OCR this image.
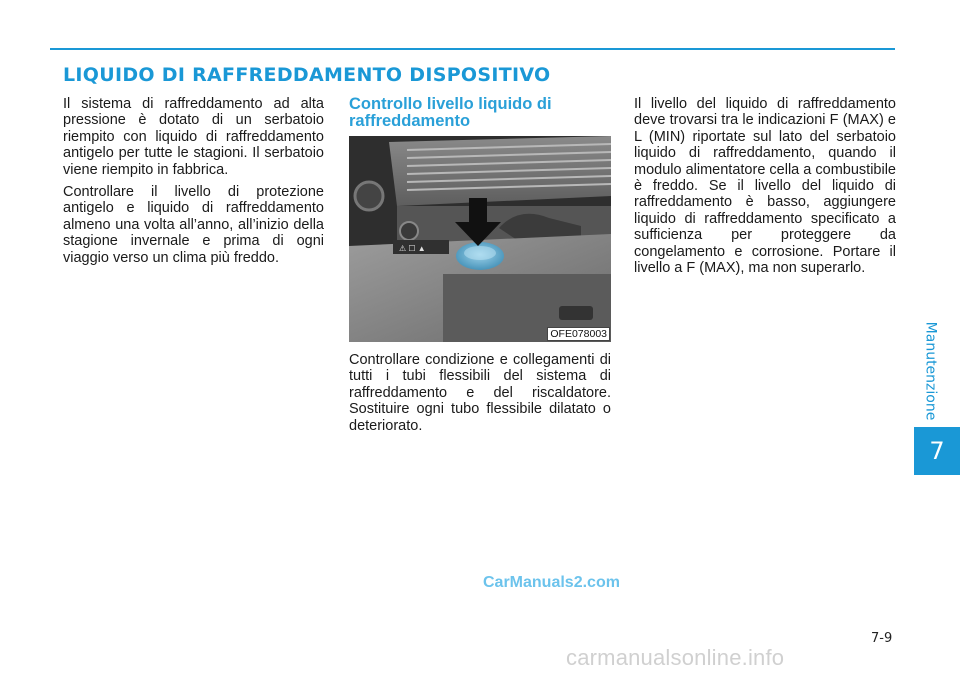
LIQUIDO DI RAFFREDDAMENTO DISPOSITIVO

Il sistema di raffreddamento ad alta pressione è dotato di un serbatoio riempito con liquido di raffreddamento antigelo per tutte le stagioni. Il serbatoio viene riempito in fabbrica.

Controllare il livello di protezione antigelo e liquido di raffreddamento almeno una volta all’anno, all’inizio della stagione invernale e prima di ogni viaggio verso un clima più freddo.

Controllo livello liquido di raffreddamento
⚠ ☐ ▲
OFE078003

Controllare condizione e collegamenti di tutti i tubi flessibili del sistema di raffreddamento e del riscaldatore. Sostituire ogni tubo flessibile dilatato o deteriorato.

Il livello del liquido di raffreddamento deve trovarsi tra le indicazioni F (MAX) e L (MIN) riportate sul lato del serbatoio liquido di raffreddamento, quando il modulo alimentatore cella a combustibile è freddo. Se il livello del liquido di raffreddamento è basso, aggiungere liquido di raffreddamento specificato a sufficienza per proteggere da congelamento e corrosione. Portare il livello a F (MAX), ma non superarlo.

Manutenzione
7
CarManuals2.com
7-9
carmanualsonline.info
